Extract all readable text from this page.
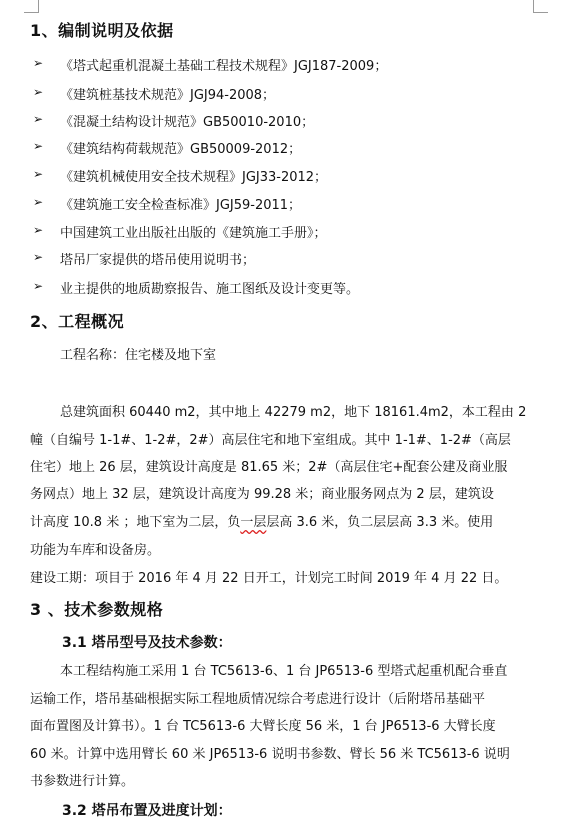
1、编制说明及依据
➢ 《塔式起重机混凝土基础工程技术规程》JGJ187-2009；
➢ 《建筑桩基技术规范》JGJ94-2008；
➢ 《混凝土结构设计规范》GB50010-2010；
➢ 《建筑结构荷载规范》GB50009-2012；
➢ 《建筑机械使用安全技术规程》JGJ33-2012；
➢ 《建筑施工安全检查标准》JGJ59-2011；
➢ 中国建筑工业出版社出版的《建筑施工手册》；
➢ 塔吊厂家提供的塔吊使用说明书；
➢ 业主提供的地质勘察报告、施工图纸及设计变更等。
2、工程概况
工程名称：住宅楼及地下室
总建筑面积 60440 m2，其中地上 42279 m2，地下 18161.4m2，本工程由 2
幢（自编号 1-1#、1-2#，2#）高层住宅和地下室组成。其中 1-1#、1-2#（高层
住宅）地上 26 层，建筑设计高度是 81.65 米；2#（高层住宅+配套公建及商业服
务网点）地上 32 层，建筑设计高度为 99.28 米；商业服务网点为 2 层，建筑设
计高度 10.8 米 ；地下室为二层，负一层层高 3.6 米，负二层层高 3.3 米。使用
功能为车库和设备房。
建设工期：项目于 2016 年 4 月 22 日开工，计划完工时间 2019 年 4 月 22 日。
3 、技术参数规格
3.1 塔吊型号及技术参数：
本工程结构施工采用 1 台 TC5613-6、1 台 JP6513-6 型塔式起重机配合垂直
运输工作，塔吊基础根据实际工程地质情况综合考虑进行设计（后附塔吊基础平
面布置图及计算书）。1 台 TC5613-6 大臂长度 56 米，1 台 JP6513-6 大臂长度
60 米。计算中选用臂长 60 米 JP6513-6 说明书参数、臂长 56 米 TC5613-6 说明
书参数进行计算。
3.2 塔吊布置及进度计划：
